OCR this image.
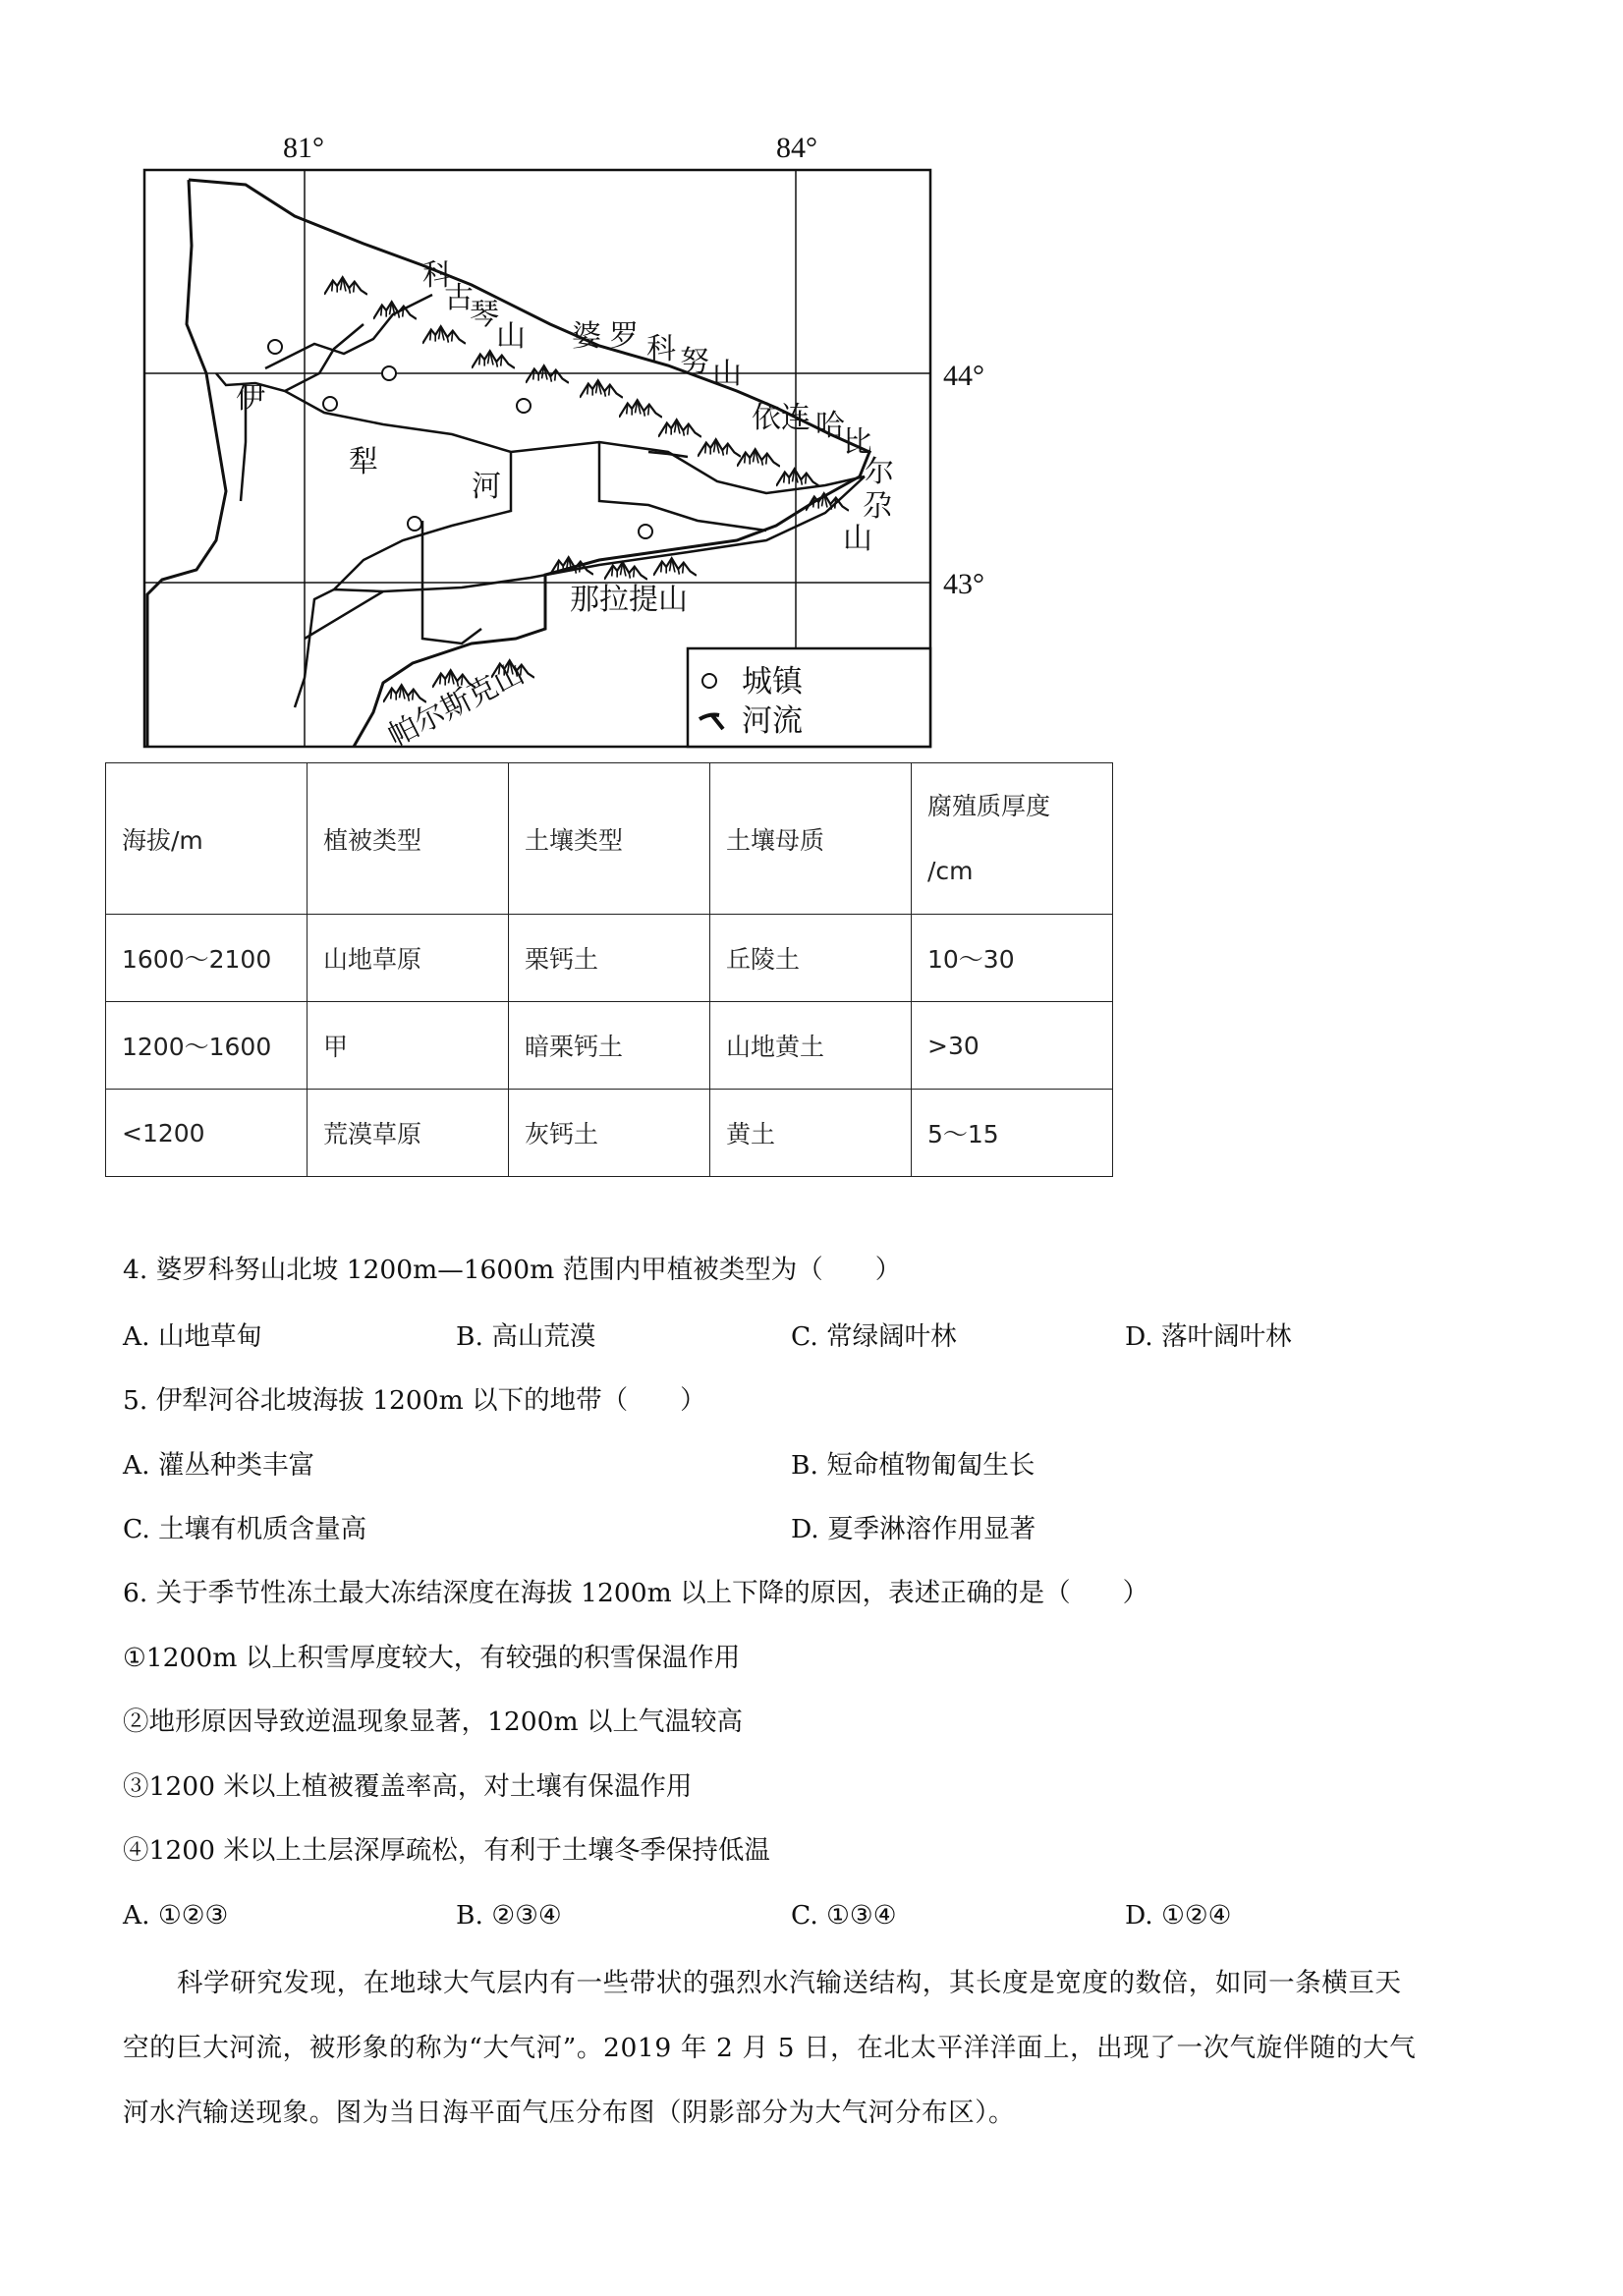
81°	84°
44°
43°
科古琴山 婆 罗 科 努 山
依连 哈比尔尕山
伊犁河
那拉提山
帕尔斯克山	城镇
河流
海拔/m	植被类型	土壤类型	土壤母质	腐殖质厚度
/cm

1600～2100	山地草原	栗钙土	丘陵土	10～30
1200～1600	甲	暗栗钙土	山地黄土	>30
<1200	荒漠草原	灰钙土	黄土	5～15
4. 婆罗科努山北坡 1200m—1600m 范围内甲植被类型为（　　）
A. 山地草甸	B. 高山荒漠	C. 常绿阔叶林	D. 落叶阔叶林
5. 伊犁河谷北坡海拔 1200m 以下的地带（　　）
A. 灌丛种类丰富	B. 短命植物匍匐生长
C. 土壤有机质含量高	D. 夏季淋溶作用显著
6. 关于季节性冻土最大冻结深度在海拔 1200m 以上下降的原因，表述正确的是（　　）
①1200m 以上积雪厚度较大，有较强的积雪保温作用
②地形原因导致逆温现象显著，1200m 以上气温较高
③1200 米以上植被覆盖率高，对土壤有保温作用
④1200 米以上土层深厚疏松，有利于土壤冬季保持低温
A. ①②③	B. ②③④	C. ①③④	D. ①②④
科学研究发现，在地球大气层内有一些带状的强烈水汽输送结构，其长度是宽度的数倍，如同一条横亘天
空的巨大河流，被形象的称为“大气河”。2019 年 2 月 5 日，在北太平洋洋面上，出现了一次气旋伴随的大气
河水汽输送现象。图为当日海平面气压分布图（阴影部分为大气河分布区）。
